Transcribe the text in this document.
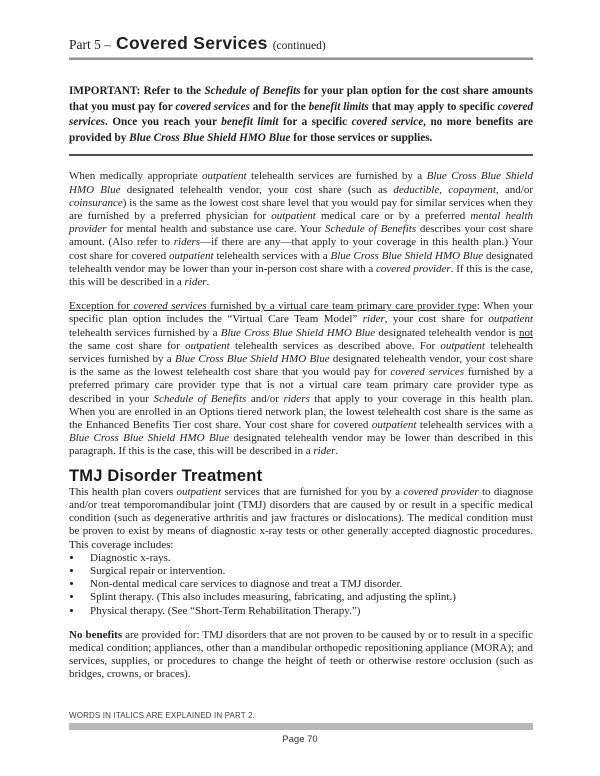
Part 5 – Covered Services (continued)

IMPORTANT: Refer to the Schedule of Benefits for your plan option for the cost share amounts that you must pay for covered services and for the benefit limits that may apply to specific covered services. Once you reach your benefit limit for a specific covered service, no more benefits are provided by Blue Cross Blue Shield HMO Blue for those services or supplies.

When medically appropriate outpatient telehealth services are furnished by a Blue Cross Blue Shield HMO Blue designated telehealth vendor, your cost share (such as deductible, copayment, and/or coinsurance) is the same as the lowest cost share level that you would pay for similar services when they are furnished by a preferred physician for outpatient medical care or by a preferred mental health provider for mental health and substance use care. Your Schedule of Benefits describes your cost share amount. (Also refer to riders—if there are any—that apply to your coverage in this health plan.) Your cost share for covered outpatient telehealth services with a Blue Cross Blue Shield HMO Blue designated telehealth vendor may be lower than your in-person cost share with a covered provider. If this is the case, this will be described in a rider.

Exception for covered services furnished by a virtual care team primary care provider type: When your specific plan option includes the “Virtual Care Team Model” rider, your cost share for outpatient telehealth services furnished by a Blue Cross Blue Shield HMO Blue designated telehealth vendor is not the same cost share for outpatient telehealth services as described above. For outpatient telehealth services furnished by a Blue Cross Blue Shield HMO Blue designated telehealth vendor, your cost share is the same as the lowest telehealth cost share that you would pay for covered services furnished by a preferred primary care provider type that is not a virtual care team primary care provider type as described in your Schedule of Benefits and/or riders that apply to your coverage in this health plan. When you are enrolled in an Options tiered network plan, the lowest telehealth cost share is the same as the Enhanced Benefits Tier cost share. Your cost share for covered outpatient telehealth services with a Blue Cross Blue Shield HMO Blue designated telehealth vendor may be lower than described in this paragraph. If this is the case, this will be described in a rider.

TMJ Disorder Treatment

This health plan covers outpatient services that are furnished for you by a covered provider to diagnose and/or treat temporomandibular joint (TMJ) disorders that are caused by or result in a specific medical condition (such as degenerative arthritis and jaw fractures or dislocations). The medical condition must be proven to exist by means of diagnostic x-ray tests or other generally accepted diagnostic procedures. This coverage includes:

• Diagnostic x-rays.
• Surgical repair or intervention.
• Non-dental medical care services to diagnose and treat a TMJ disorder.
• Splint therapy. (This also includes measuring, fabricating, and adjusting the splint.)
• Physical therapy. (See “Short-Term Rehabilitation Therapy.”)

No benefits are provided for: TMJ disorders that are not proven to be caused by or to result in a specific medical condition; appliances, other than a mandibular orthopedic repositioning appliance (MORA); and services, supplies, or procedures to change the height of teeth or otherwise restore occlusion (such as bridges, crowns, or braces).

WORDS IN ITALICS ARE EXPLAINED IN PART 2.
Page 70
